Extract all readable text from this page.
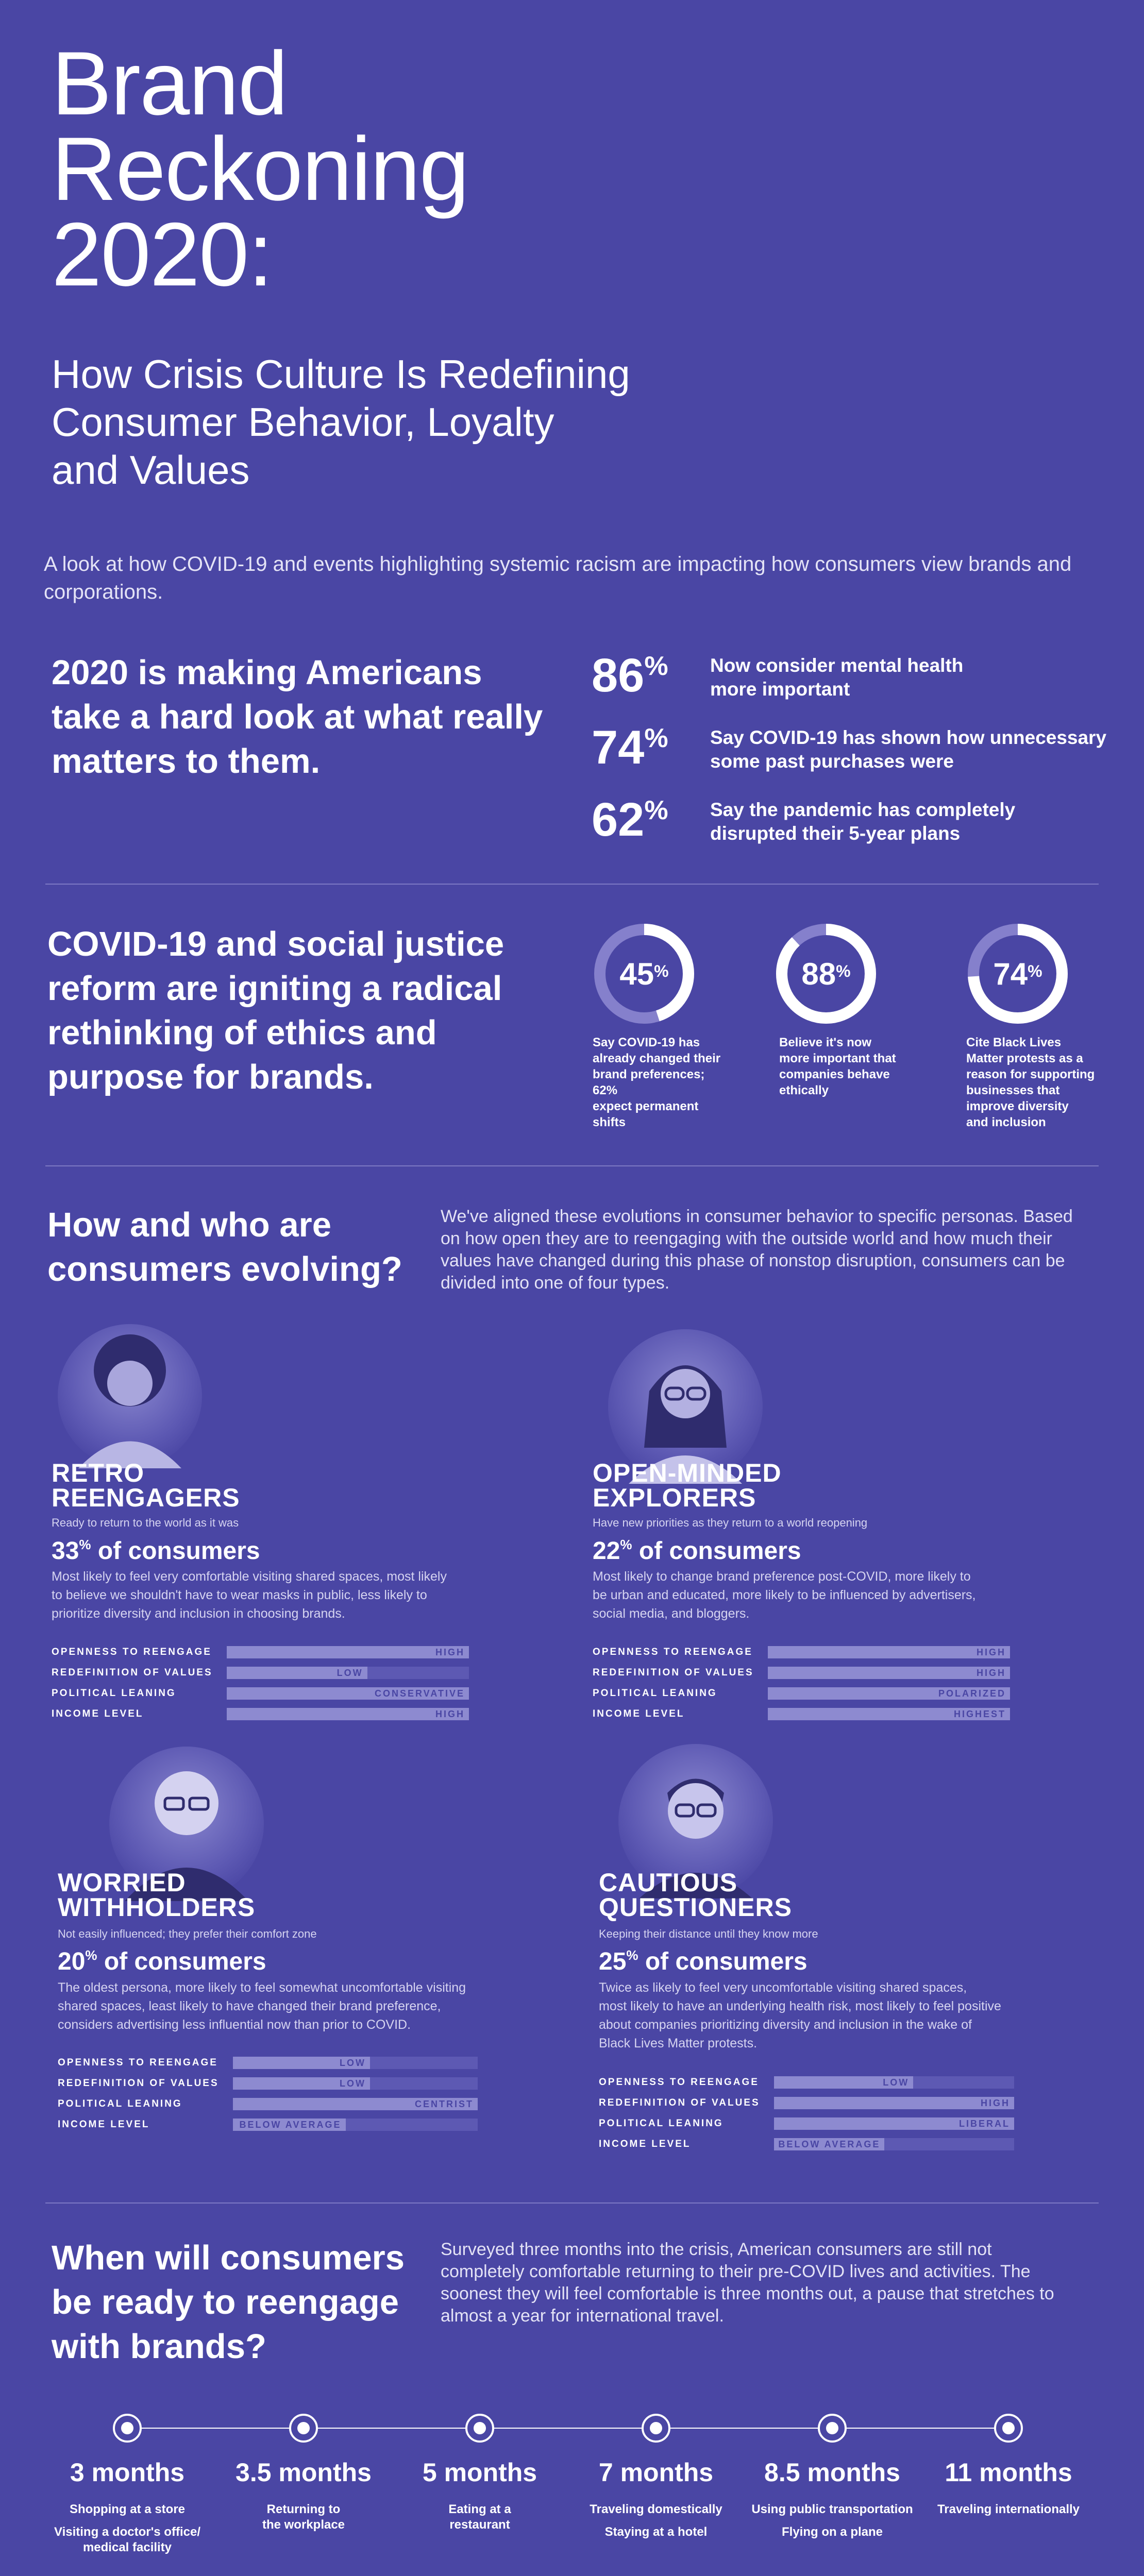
Brand
Reckoning
2020:
How Crisis Culture Is Redefining
Consumer Behavior, Loyalty
and Values
A look at how COVID-19 and events highlighting systemic racism are impacting how consumers view brands and corporations.
2020 is making Americans
take a hard look at what really
matters to them.
86% Now consider mental health
more important
74% Say COVID-19 has shown how unnecessary
some past purchases were
62% Say the pandemic has completely
disrupted their 5-year plans
COVID-19 and social justice
reform are igniting a radical
rethinking of ethics and
purpose for brands.
45 %
Say COVID-19 has
already changed their
brand preferences; 62%
expect permanent shifts
88 %
Believe it's now
more important that
companies behave
ethically
74 %
Cite Black Lives
Matter protests as a
reason for supporting
businesses that
improve diversity
and inclusion
How and who are
consumers evolving?
We've aligned these evolutions in consumer behavior to specific personas. Based on how open they are to reengaging with the outside world and how much their values have changed during this phase of nonstop disruption, consumers can be divided into one of four types.
RETRO
REENGAGERS
Ready to return to the world as it was
33% of consumers
Most likely to feel very comfortable visiting shared spaces, most likely
to believe we shouldn't have to wear masks in public, less likely to
prioritize diversity and inclusion in choosing brands.
OPENNESS TO REENGAGE	HIGH
REDEFINITION OF VALUES	LOW
POLITICAL LEANING	CONSERVATIVE
INCOME LEVEL	HIGH
OPEN-MINDED
EXPLORERS
Have new priorities as they return to a world reopening
22% of consumers
Most likely to change brand preference post-COVID, more likely to
be urban and educated, more likely to be influenced by advertisers,
social media, and bloggers.
OPENNESS TO REENGAGE	HIGH
REDEFINITION OF VALUES	HIGH
POLITICAL LEANING	POLARIZED
INCOME LEVEL	HIGHEST
WORRIED
WITHHOLDERS
Not easily influenced; they prefer their comfort zone
20% of consumers
The oldest persona, more likely to feel somewhat uncomfortable visiting
shared spaces, least likely to have changed their brand preference,
considers advertising less influential now than prior to COVID.
OPENNESS TO REENGAGE	LOW
REDEFINITION OF VALUES	LOW
POLITICAL LEANING	CENTRIST
INCOME LEVEL	BELOW AVERAGE
CAUTIOUS
QUESTIONERS
Keeping their distance until they know more
25% of consumers
Twice as likely to feel very uncomfortable visiting shared spaces,
most likely to have an underlying health risk, most likely to feel positive
about companies prioritizing diversity and inclusion in the wake of
Black Lives Matter protests.
OPENNESS TO REENGAGE	LOW
REDEFINITION OF VALUES	HIGH
POLITICAL LEANING	LIBERAL
INCOME LEVEL	BELOW AVERAGE
When will consumers
be ready to reengage
with brands?
Surveyed three months into the crisis, American consumers are still not completely comfortable returning to their pre-COVID lives and activities. The soonest they will feel comfortable is three months out, a pause that stretches to almost a year for international travel.
3 months
Shopping at a store
Visiting a doctor's office/
medical facility
3.5 months
Returning to
the workplace
5 months
Eating at a
restaurant
7 months
Traveling domestically
Staying at a hotel
8.5 months
Using public transportation
Flying on a plane
11 months
Traveling internationally
